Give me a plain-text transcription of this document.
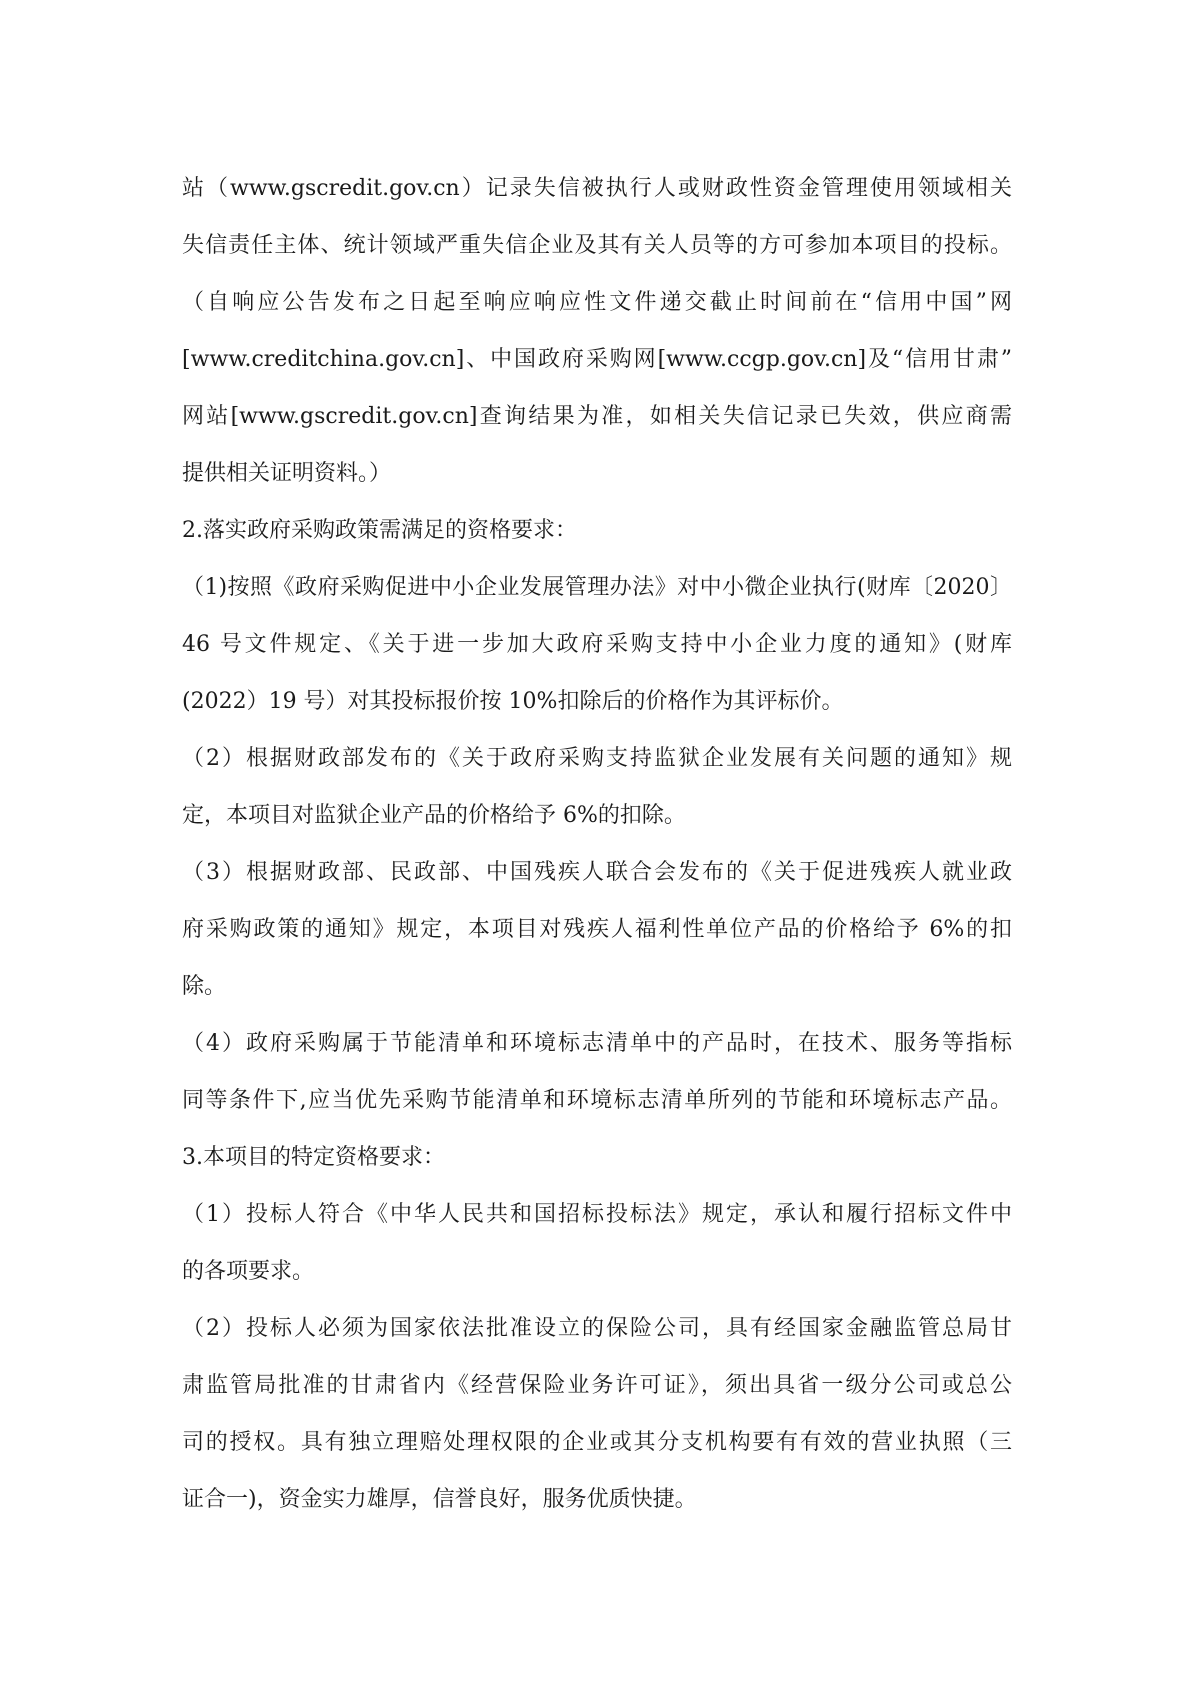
站（www.gscredit.gov.cn）记录失信被执行人或财政性资金管理使用领域相关
失信责任主体、统计领域严重失信企业及其有关人员等的方可参加本项目的投标。
（自响应公告发布之日起至响应响应性文件递交截止时间前在“信用中国”网
[www.creditchina.gov.cn]、中国政府采购网[www.ccgp.gov.cn]及“信用甘肃”
网站[www.gscredit.gov.cn]查询结果为准，如相关失信记录已失效，供应商需
提供相关证明资料。）
2.落实政府采购政策需满足的资格要求：
（1)按照《政府采购促进中小企业发展管理办法》对中小微企业执行(财库〔2020〕
46 号文件规定、《关于进一步加大政府采购支持中小企业力度的通知》(财库
(2022）19 号）对其投标报价按 10%扣除后的价格作为其评标价。
（2）根据财政部发布的《关于政府采购支持监狱企业发展有关问题的通知》规
定，本项目对监狱企业产品的价格给予 6%的扣除。
（3）根据财政部、民政部、中国残疾人联合会发布的《关于促进残疾人就业政
府采购政策的通知》规定，本项目对残疾人福利性单位产品的价格给予 6%的扣
除。
（4）政府采购属于节能清单和环境标志清单中的产品时，在技术、服务等指标
同等条件下,应当优先采购节能清单和环境标志清单所列的节能和环境标志产品。
3.本项目的特定资格要求：
（1）投标人符合《中华人民共和国招标投标法》规定，承认和履行招标文件中
的各项要求。
（2）投标人必须为国家依法批准设立的保险公司，具有经国家金融监管总局甘
肃监管局批准的甘肃省内《经营保险业务许可证》，须出具省一级分公司或总公
司的授权。具有独立理赔处理权限的企业或其分支机构要有有效的营业执照（三
证合一)，资金实力雄厚，信誉良好，服务优质快捷。
